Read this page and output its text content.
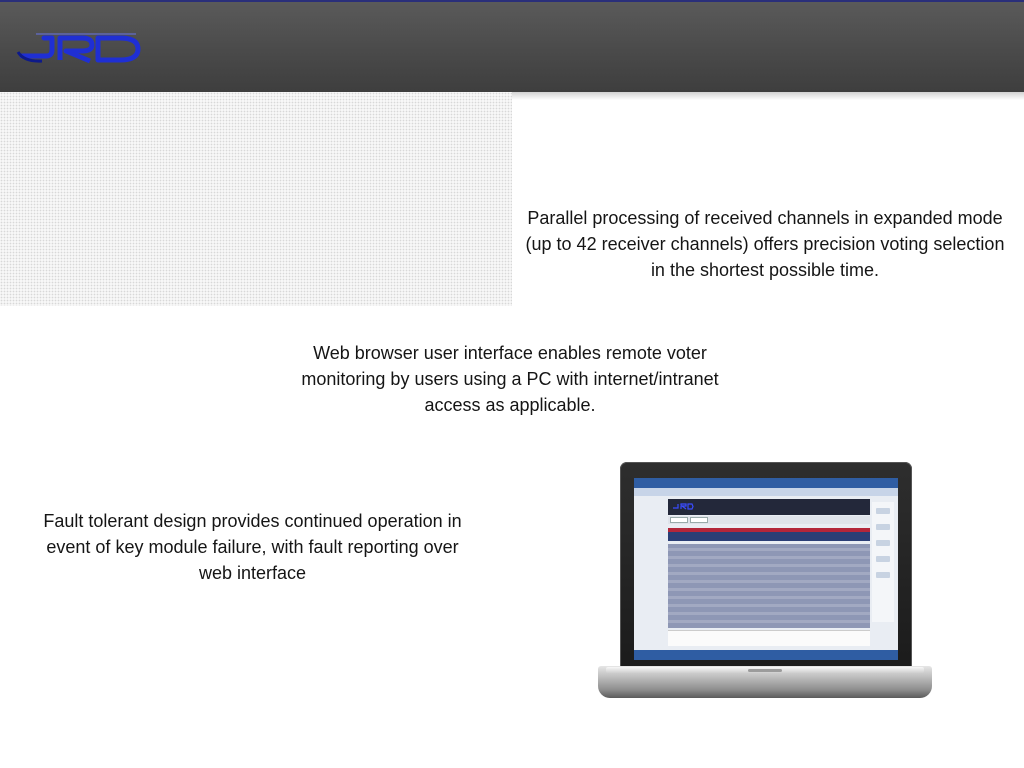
Parallel processing of received channels in expanded mode (up to 42 receiver channels) offers precision voting selection in the shortest possible time.

Web browser user interface enables remote voter monitoring by users using a PC with internet/intranet access as applicable.

Fault tolerant design provides continued operation in event of key module failure, with fault reporting over web interface
